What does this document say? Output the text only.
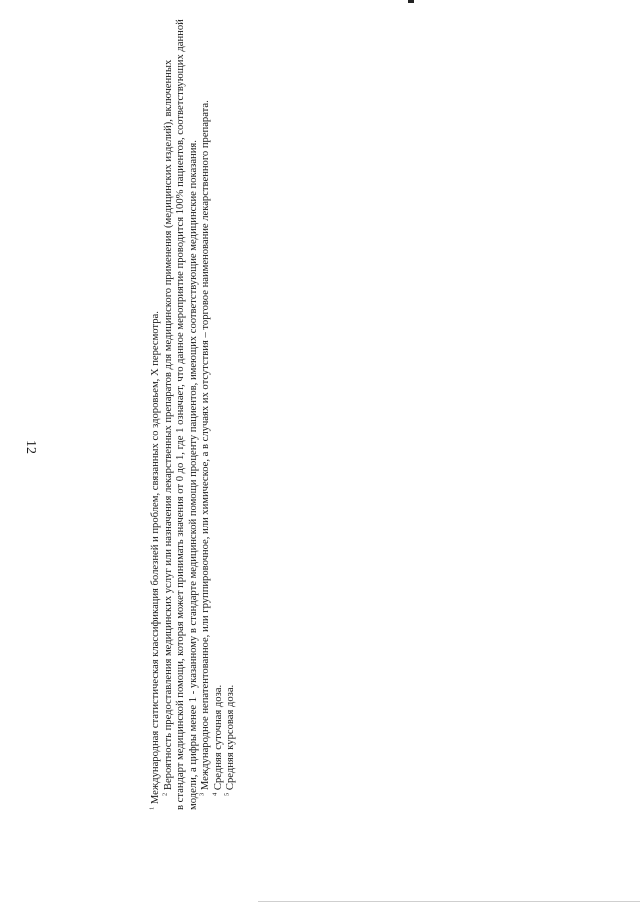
12
$^1$ Международная статистическая классификация болезней и проблем, связанных со здоровьем, X пересмотра. $^2$ Вероятность предоставления медицинских услуг или назначения лекарственных препаратов для медицинского применения (медицинских изделий), включенных в стандарт медицинской помощи, которая может принимать значения от 0 до 1, где 1 означает, что данное мероприятие проводится 100% пациентов, соответствующих данной модели, а цифры менее 1 - указанному в стандарте медицинской помощи проценту пациентов, имеющих соответствующие медицинские показания. $^3$ Международное непатентованное, или группировочное, или химическое, а в случаях их отсутствия – торговое наименование лекарственного препарата.
$^4$ Средняя суточная доза.
$^5$ Средняя курсовая доза.
